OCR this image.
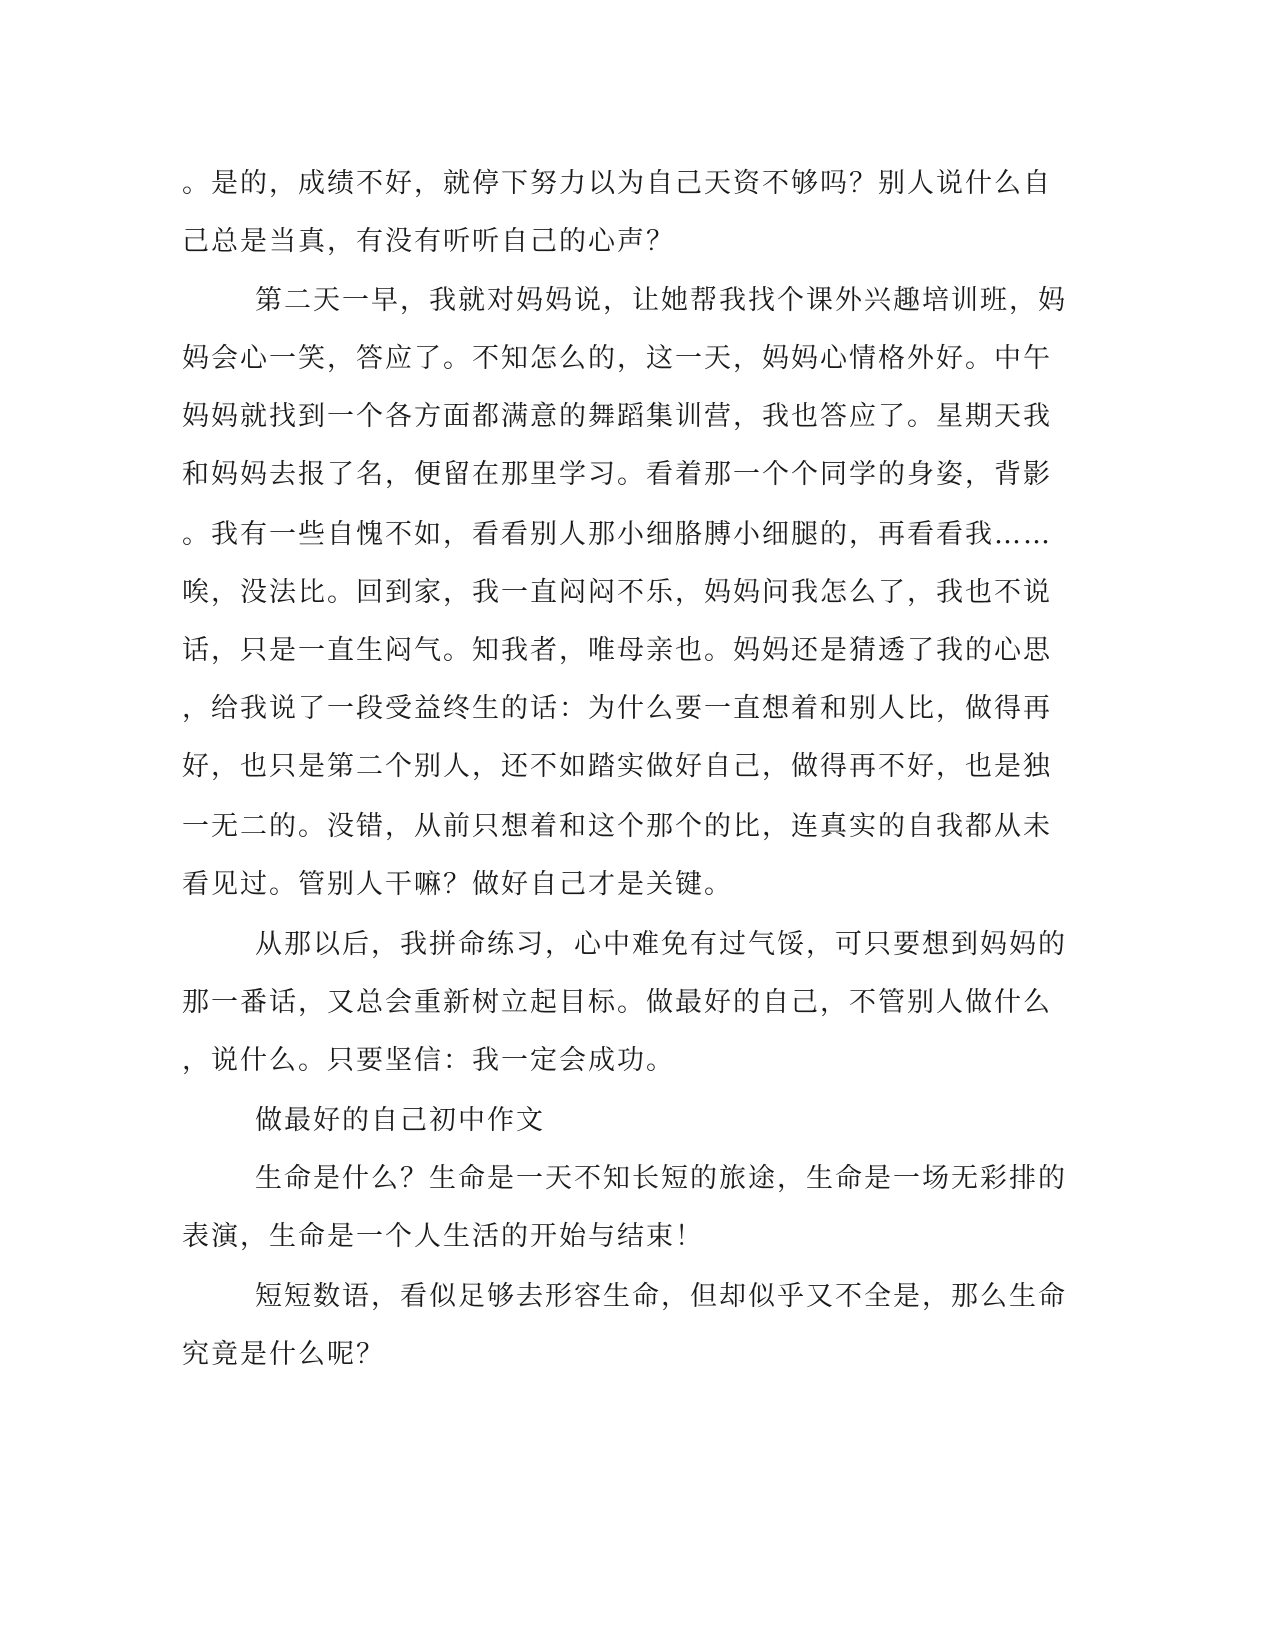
。是的，成绩不好，就停下努力以为自己天资不够吗？别人说什么自
己总是当真，有没有听听自己的心声？
第二天一早，我就对妈妈说，让她帮我找个课外兴趣培训班，妈
妈会心一笑，答应了。不知怎么的，这一天，妈妈心情格外好。中午
妈妈就找到一个各方面都满意的舞蹈集训营，我也答应了。星期天我
和妈妈去报了名，便留在那里学习。看着那一个个同学的身姿，背影
。我有一些自愧不如，看看别人那小细胳膊小细腿的，再看看我……
唉，没法比。回到家，我一直闷闷不乐，妈妈问我怎么了，我也不说
话，只是一直生闷气。知我者，唯母亲也。妈妈还是猜透了我的心思
，给我说了一段受益终生的话：为什么要一直想着和别人比，做得再
好，也只是第二个别人，还不如踏实做好自己，做得再不好，也是独
一无二的。没错，从前只想着和这个那个的比，连真实的自我都从未
看见过。管别人干嘛？做好自己才是关键。
从那以后，我拼命练习，心中难免有过气馁，可只要想到妈妈的
那一番话，又总会重新树立起目标。做最好的自己，不管别人做什么
，说什么。只要坚信：我一定会成功。
做最好的自己初中作文
生命是什么？生命是一天不知长短的旅途，生命是一场无彩排的
表演，生命是一个人生活的开始与结束！
短短数语，看似足够去形容生命，但却似乎又不全是，那么生命
究竟是什么呢？
